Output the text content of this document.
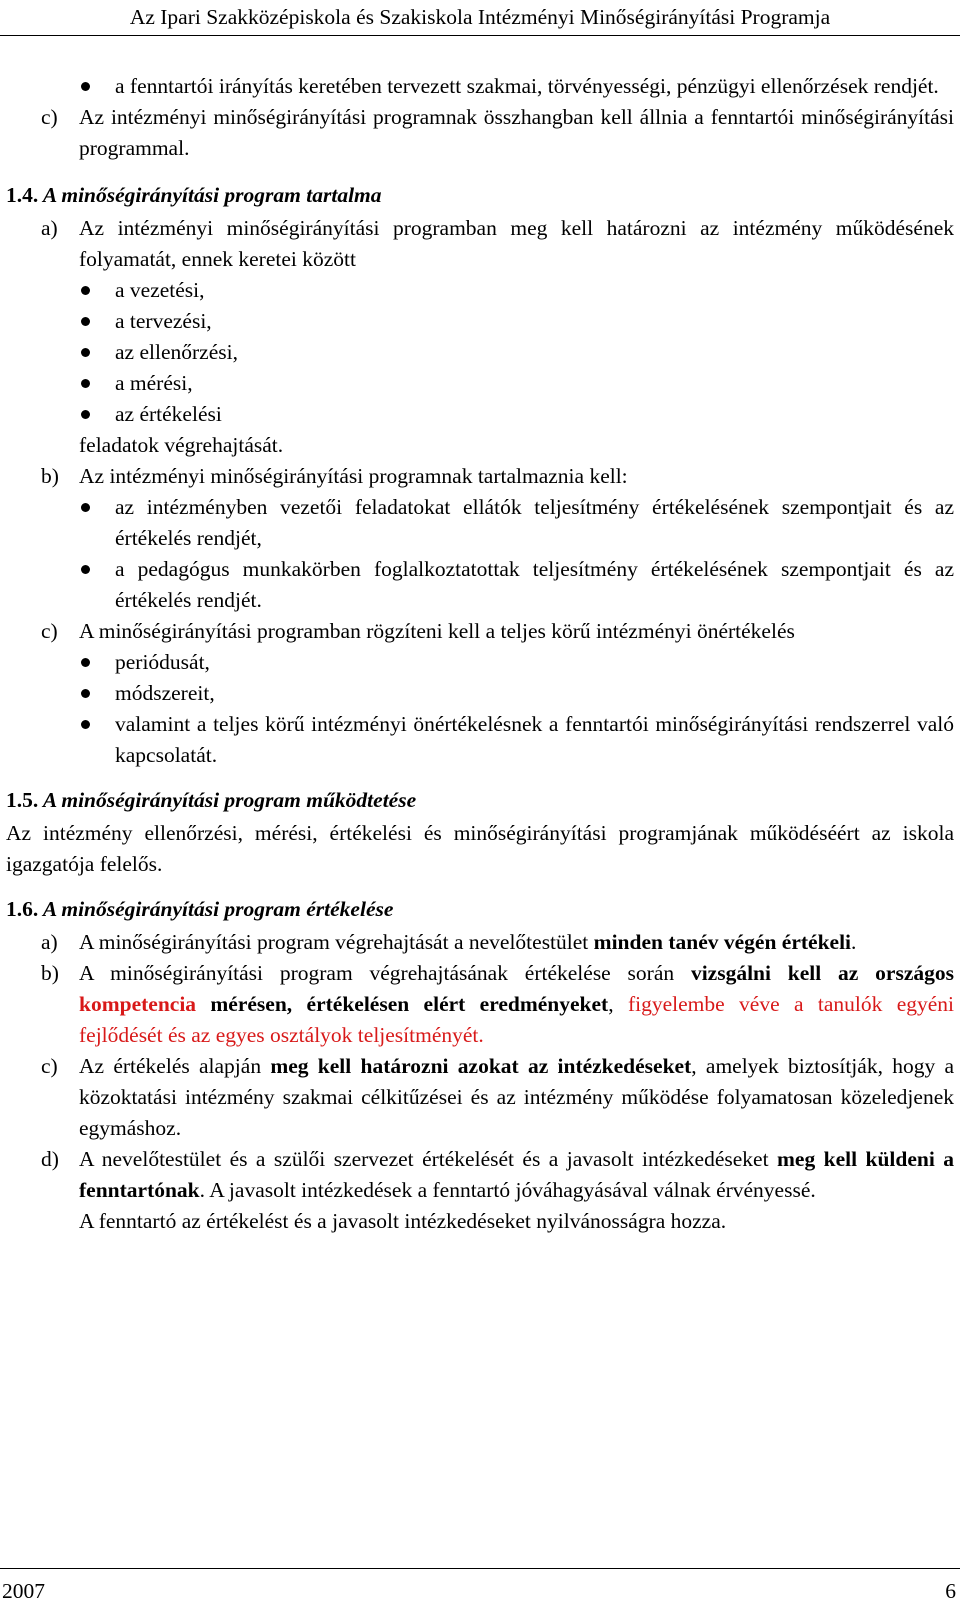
Az Ipari Szakközépiskola és Szakiskola Intézményi Minőségirányítási Programja

a fenntartói irányítás keretében tervezett szakmai, törvényességi, pénzügyi ellenőrzések rendjét.

c) Az intézményi minőségirányítási programnak összhangban kell állnia a fenntartói minőségirányítási programmal.

1.4. A minőségirányítási program tartalma

a) Az intézményi minőségirányítási programban meg kell határozni az intézmény működésének folyamatát, ennek keretei között

a vezetési,

a tervezési,

az ellenőrzési,

a mérési,

az értékelési

feladatok végrehajtását.

b) Az intézményi minőségirányítási programnak tartalmaznia kell:

az intézményben vezetői feladatokat ellátók teljesítmény értékelésének szempontjait és az értékelés rendjét,

a pedagógus munkakörben foglalkoztatottak teljesítmény értékelésének szempontjait és az értékelés rendjét.

c) A minőségirányítási programban rögzíteni kell a teljes körű intézményi önértékelés

periódusát,

módszereit,

valamint a teljes körű intézményi önértékelésnek a fenntartói minőségirányítási rendszerrel való kapcsolatát.

1.5. A minőségirányítási program működtetése

Az intézmény ellenőrzési, mérési, értékelési és minőségirányítási programjának működéséért az iskola igazgatója felelős.

1.6. A minőségirányítási program értékelése

a) A minőségirányítási program végrehajtását a nevelőtestület minden tanév végén értékeli.

b) A minőségirányítási program végrehajtásának értékelése során vizsgálni kell az országos kompetencia mérésen, értékelésen elért eredményeket, figyelembe véve a tanulók egyéni fejlődését és az egyes osztályok teljesítményét.

c) Az értékelés alapján meg kell határozni azokat az intézkedéseket, amelyek biztosítják, hogy a közoktatási intézmény szakmai célkitűzései és az intézmény működése folyamatosan közeledjenek egymáshoz.

d) A nevelőtestület és a szülői szervezet értékelését és a javasolt intézkedéseket meg kell küldeni a fenntartónak. A javasolt intézkedések a fenntartó jóváhagyásával válnak érvényessé.

A fenntartó az értékelést és a javasolt intézkedéseket nyilvánosságra hozza.

2007	6
